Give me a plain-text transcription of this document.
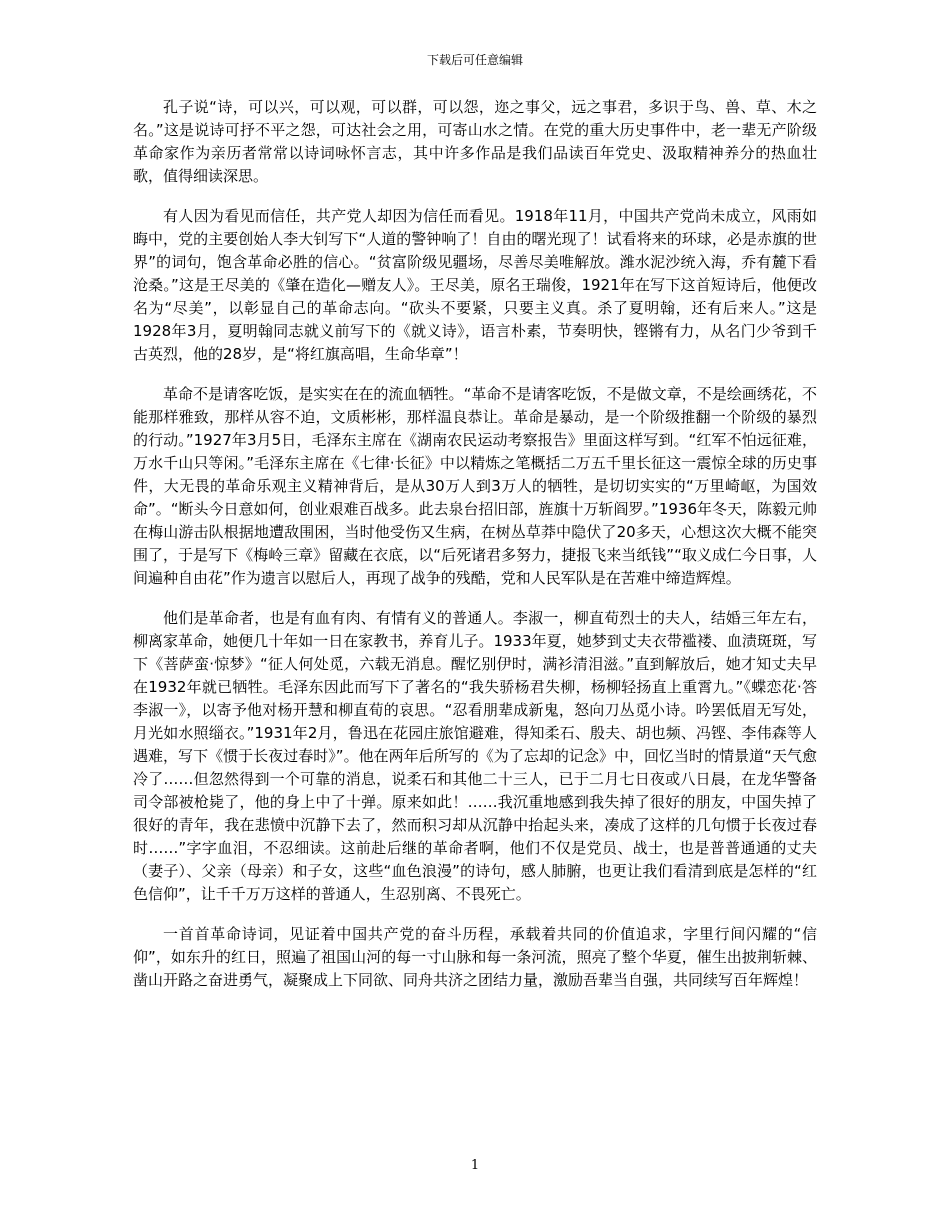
下载后可任意编辑

孔子说“诗，可以兴，可以观，可以群，可以怨，迩之事父，远之事君，多识于鸟、兽、草、木之名。”这是说诗可抒不平之怨，可达社会之用，可寄山水之情。在党的重大历史事件中，老一辈无产阶级革命家作为亲历者常常以诗词咏怀言志，其中许多作品是我们品读百年党史、汲取精神养分的热血壮歌，值得细读深思。

有人因为看见而信任，共产党人却因为信任而看见。1918年11月，中国共产党尚未成立，风雨如晦中，党的主要创始人李大钊写下“人道的警钟响了！自由的曙光现了！试看将来的环球，必是赤旗的世界”的词句，饱含革命必胜的信心。“贫富阶级见疆场，尽善尽美唯解放。潍水泥沙统入海，乔有麓下看沧桑。”这是王尽美的《肇在造化—赠友人》。王尽美，原名王瑞俊，1921年在写下这首短诗后，他便改名为“尽美”，以彰显自己的革命志向。“砍头不要紧，只要主义真。杀了夏明翰，还有后来人。”这是1928年3月，夏明翰同志就义前写下的《就义诗》，语言朴素，节奏明快，铿锵有力，从名门少爷到千古英烈，他的28岁，是“将红旗高唱，生命华章”！

革命不是请客吃饭，是实实在在的流血牺牲。“革命不是请客吃饭，不是做文章，不是绘画绣花，不能那样雅致，那样从容不迫，文质彬彬，那样温良恭让。革命是暴动，是一个阶级推翻一个阶级的暴烈的行动。”1927年3月5日，毛泽东主席在《湖南农民运动考察报告》里面这样写到。“红军不怕远征难，万水千山只等闲。”毛泽东主席在《七律·长征》中以精炼之笔概括二万五千里长征这一震惊全球的历史事件，大无畏的革命乐观主义精神背后，是从30万人到3万人的牺牲，是切切实实的“万里崎岖，为国效命”。“断头今日意如何，创业艰难百战多。此去泉台招旧部，旌旗十万斩阎罗。”1936年冬天，陈毅元帅在梅山游击队根据地遭敌围困，当时他受伤又生病，在树丛草莽中隐伏了20多天，心想这次大概不能突围了，于是写下《梅岭三章》留藏在衣底，以“后死诸君多努力，捷报飞来当纸钱”“取义成仁今日事，人间遍种自由花”作为遗言以慰后人，再现了战争的残酷，党和人民军队是在苦难中缔造辉煌。

他们是革命者，也是有血有肉、有情有义的普通人。李淑一，柳直荀烈士的夫人，结婚三年左右，柳离家革命，她便几十年如一日在家教书，养育儿子。1933年夏，她梦到丈夫衣带褴褛、血渍斑斑，写下《菩萨蛮·惊梦》“征人何处觅，六载无消息。醒忆别伊时，满衫清泪滋。”直到解放后，她才知丈夫早在1932年就已牺牲。毛泽东因此而写下了著名的“我失骄杨君失柳，杨柳轻扬直上重霄九。”《蝶恋花·答李淑一》，以寄予他对杨开慧和柳直荀的哀思。“忍看朋辈成新鬼，怒向刀丛觅小诗。吟罢低眉无写处，月光如水照缁衣。”1931年2月，鲁迅在花园庄旅馆避难，得知柔石、殷夫、胡也频、冯铿、李伟森等人遇难，写下《惯于长夜过春时》”。他在两年后所写的《为了忘却的记念》中，回忆当时的情景道“天气愈冷了……但忽然得到一个可靠的消息，说柔石和其他二十三人，已于二月七日夜或八日晨，在龙华警备司令部被枪毙了，他的身上中了十弹。原来如此！……我沉重地感到我失掉了很好的朋友，中国失掉了很好的青年，我在悲愤中沉静下去了，然而积习却从沉静中抬起头来，凑成了这样的几句惯于长夜过春时……”字字血泪，不忍细读。这前赴后继的革命者啊，他们不仅是党员、战士，也是普普通通的丈夫（妻子）、父亲（母亲）和子女，这些“血色浪漫”的诗句，感人肺腑，也更让我们看清到底是怎样的“红色信仰”，让千千万万这样的普通人，生忍别离、不畏死亡。

一首首革命诗词，见证着中国共产党的奋斗历程，承载着共同的价值追求，字里行间闪耀的“信仰”，如东升的红日，照遍了祖国山河的每一寸山脉和每一条河流，照亮了整个华夏，催生出披荆斩棘、凿山开路之奋进勇气，凝聚成上下同欲、同舟共济之团结力量，激励吾辈当自强，共同续写百年辉煌！

1
